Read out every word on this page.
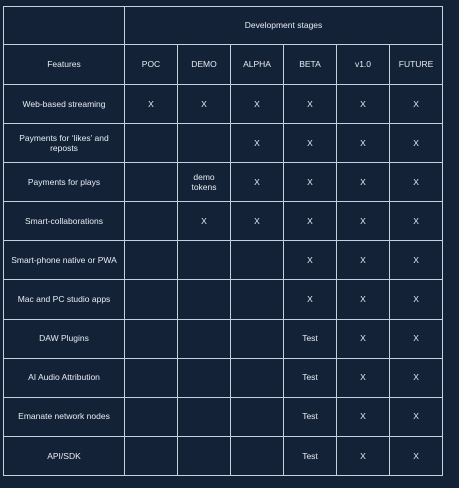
	Development stages					
Features	POC	DEMO	ALPHA	BETA	v1.0	FUTURE
Web-based streaming	X	X	X	X	X	X
Payments for ‘likes’ and reposts			X	X	X	X
Payments for plays		demo tokens	X	X	X	X
Smart-collaborations		X	X	X	X	X
Smart-phone native or PWA				X	X	X
Mac and PC studio apps				X	X	X
DAW Plugins				Test	X	X
AI Audio Attribution				Test	X	X
Emanate network nodes				Test	X	X
API/SDK				Test	X	X
